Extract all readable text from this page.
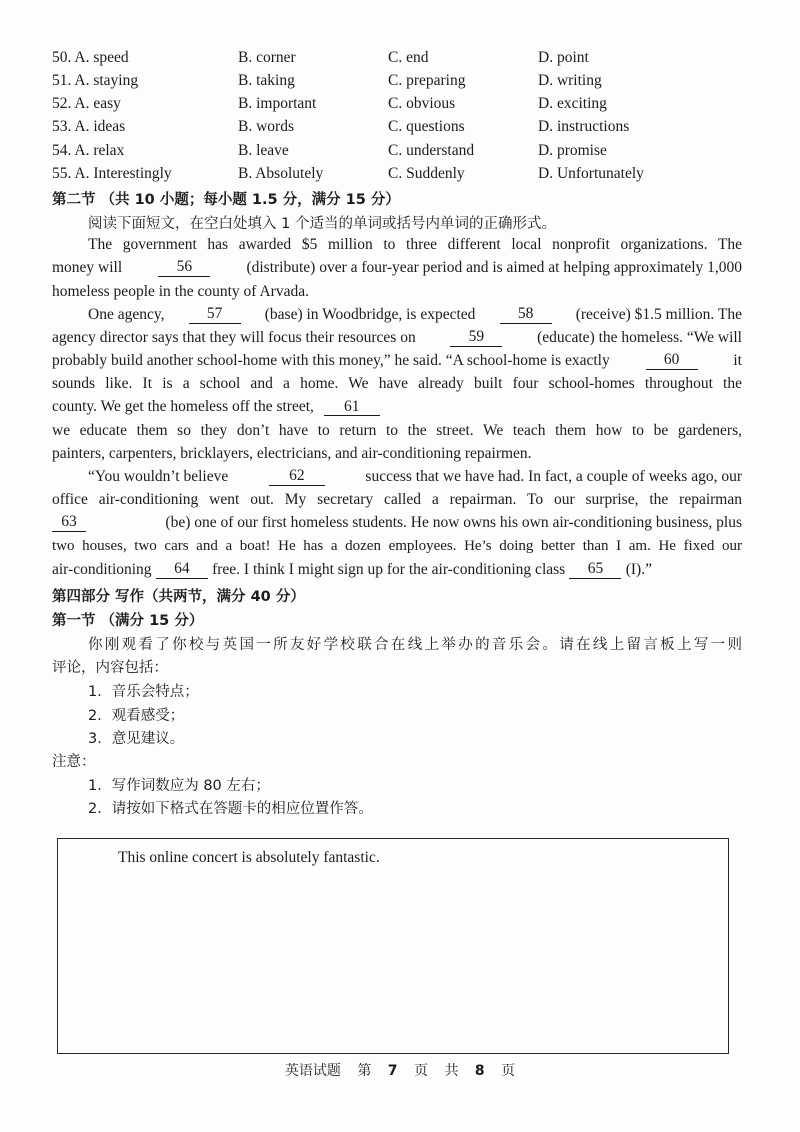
50. A. speed	B. corner	C. end	D. point
51. A. staying	B. taking	C. preparing	D. writing
52. A. easy	B. important	C. obvious	D. exciting
53. A. ideas	B. words	C. questions	D. instructions
54. A. relax	B. leave	C. understand	D. promise
55. A. Interestingly	B. Absolutely	C. Suddenly	D. Unfortunately
第二节 （共 10 小题；每小题 1.5 分，满分 15 分）
阅读下面短文，在空白处填入 1 个适当的单词或括号内单词的正确形式。
The government has awarded $5 million to three different local nonprofit organizations. The
money will	56	(distribute) over a four-year period and is aimed at helping approximately 1,000
homeless people in the county of Arvada.
One agency,	57	(base) in Woodbridge, is expected	58	(receive) $1.5 million. The
agency director says that they will focus their resources on	59	(educate) the homeless. “We will
probably build another school-home with this money,” he said. “A school-home is exactly	60	it
sounds like. It is a school and a home. We have already built four school-homes throughout the
county. We get the homeless off the street, 61
we educate them so they don’t have to return to the street. We teach them how to be gardeners,
painters, carpenters, bricklayers, electricians, and air-conditioning repairmen.
“You wouldn’t believe	62	success that we have had. In fact, a couple of weeks ago, our
office air-conditioning went out. My secretary called a repairman. To our surprise, the repairman
63	(be) one of our first homeless students. He now owns his own air-conditioning business, plus
two houses, two cars and a boat! He has a dozen employees. He’s doing better than I am. He fixed our
air-conditioning	64	free. I think I might sign up for the air-conditioning class	65	(I).”
第四部分 写作（共两节，满分 40 分）
第一节 （满分 15 分）
你刚观看了你校与英国一所友好学校联合在线上举办的音乐会。请在线上留言板上写一则
评论，内容包括：
1．音乐会特点；
2．观看感受；
3．意见建议。
注意：
1．写作词数应为 80 左右；
2．请按如下格式在答题卡的相应位置作答。
This online concert is absolutely fantastic.
英语试题 第 7 页 共 8 页
